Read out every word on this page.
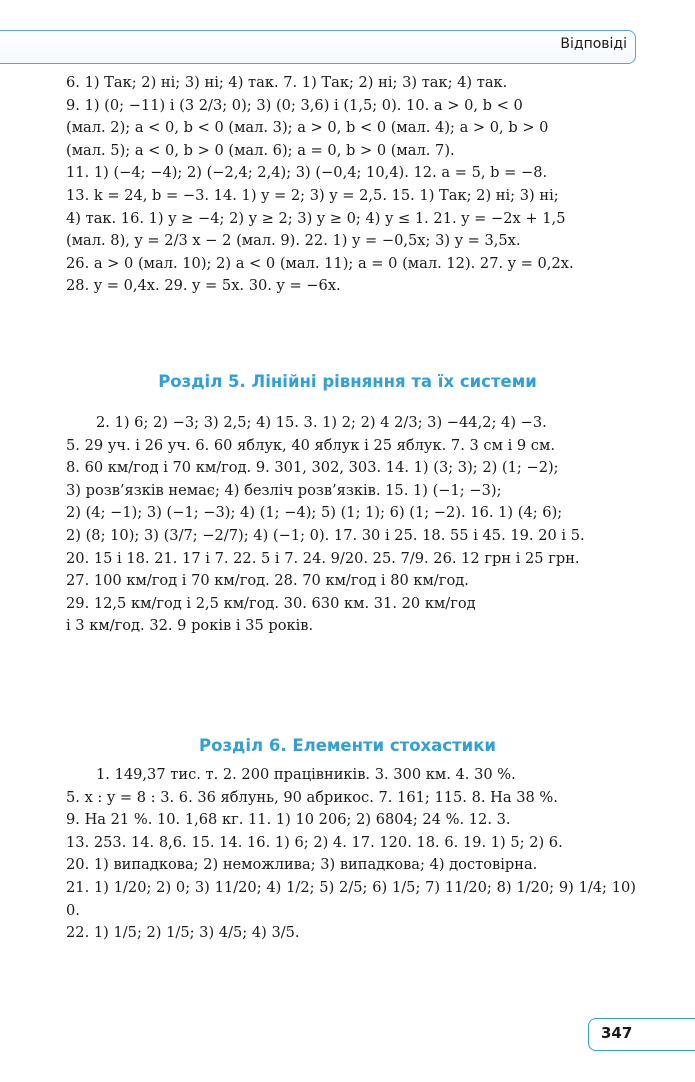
Відповіді

6. 1) Так; 2) ні; 3) ні; 4) так. 7. 1) Так; 2) ні; 3) так; 4) так.

9. 1) (0; −11) і (3 2/3; 0); 3) (0; 3,6) і (1,5; 0). 10. a > 0, b < 0

(мал. 2); a < 0, b < 0 (мал. 3); a > 0, b < 0 (мал. 4); a > 0, b > 0

(мал. 5); a < 0, b > 0 (мал. 6); a = 0, b > 0 (мал. 7).

11. 1) (−4; −4); 2) (−2,4; 2,4); 3) (−0,4; 10,4). 12. a = 5, b = −8.

13. k = 24, b = −3. 14. 1) y = 2; 3) y = 2,5. 15. 1) Так; 2) ні; 3) ні;

4) так. 16. 1) y ≥ −4; 2) y ≥ 2; 3) y ≥ 0; 4) y ≤ 1. 21. y = −2x + 1,5

(мал. 8), y = 2/3 x − 2 (мал. 9). 22. 1) y = −0,5x; 3) y = 3,5x.

26. a > 0 (мал. 10); 2) a < 0 (мал. 11); a = 0 (мал. 12). 27. y = 0,2x.

28. y = 0,4x. 29. y = 5x. 30. y = −6x.

Розділ 5. Лінійні рівняння та їх системи

2. 1) 6; 2) −3; 3) 2,5; 4) 15. 3. 1) 2; 2) 4 2/3; 3) −44,2; 4) −3.

5. 29 уч. і 26 уч. 6. 60 яблук, 40 яблук і 25 яблук. 7. 3 см і 9 см.

8. 60 км/год і 70 км/год. 9. 301, 302, 303. 14. 1) (3; 3); 2) (1; −2);

3) розв’язків немає; 4) безліч розв’язків. 15. 1) (−1; −3);

2) (4; −1); 3) (−1; −3); 4) (1; −4); 5) (1; 1); 6) (1; −2). 16. 1) (4; 6);

2) (8; 10); 3) (3/7; −2/7); 4) (−1; 0). 17. 30 і 25. 18. 55 і 45. 19. 20 і 5.

20. 15 і 18. 21. 17 і 7. 22. 5 і 7. 24. 9/20. 25. 7/9. 26. 12 грн і 25 грн.

27. 100 км/год і 70 км/год. 28. 70 км/год і 80 км/год.

29. 12,5 км/год і 2,5 км/год. 30. 630 км. 31. 20 км/год

і 3 км/год. 32. 9 років і 35 років.

Розділ 6. Елементи стохастики

1. 149,37 тис. т. 2. 200 працівників. 3. 300 км. 4. 30 %.

5. x : y = 8 : 3. 6. 36 яблунь, 90 абрикос. 7. 161; 115. 8. На 38 %.

9. На 21 %. 10. 1,68 кг. 11. 1) 10 206; 2) 6804; 24 %. 12. 3.

13. 253. 14. 8,6. 15. 14. 16. 1) 6; 2) 4. 17. 120. 18. 6. 19. 1) 5; 2) 6.

20. 1) випадкова; 2) неможлива; 3) випадкова; 4) достовірна.

21. 1) 1/20; 2) 0; 3) 11/20; 4) 1/2; 5) 2/5; 6) 1/5; 7) 11/20; 8) 1/20; 9) 1/4; 10) 0.

22. 1) 1/5; 2) 1/5; 3) 4/5; 4) 3/5.

347
